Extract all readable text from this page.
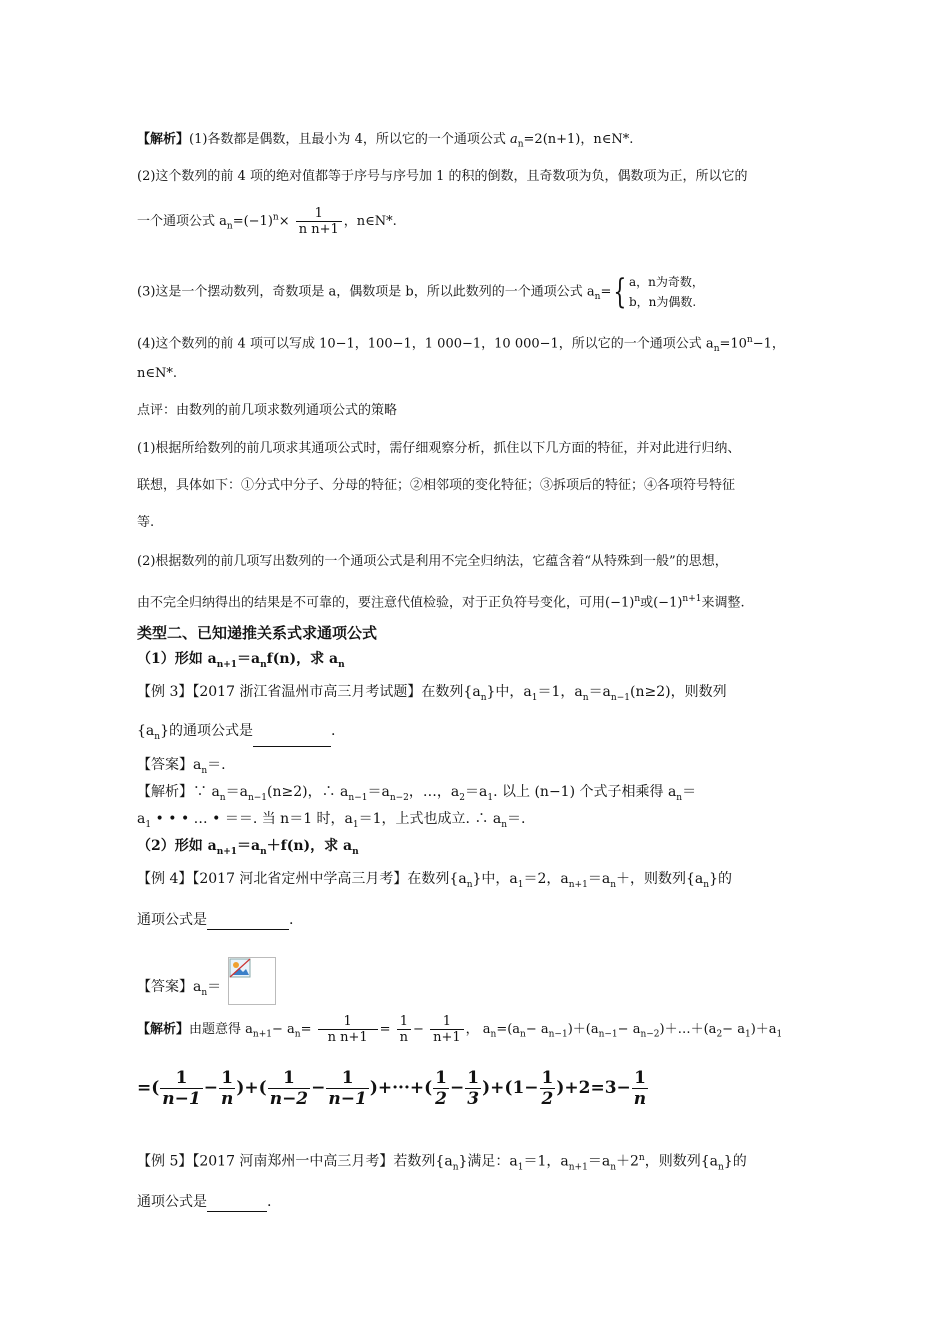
【解析】(1)各数都是偶数，且最小为 4，所以它的一个通项公式 $a_n=2(n+1)$，n∈N*.
(2)这个数列的前 4 项的绝对值都等于序号与序号加 1 的积的倒数，且奇数项为负，偶数项为正，所以它的
一个通项公式 $a_n=(-1)^n\times \frac{1}{\text{n n+1}}$ ，n∈N*.
(3)这是一个摆动数列，奇数项是 a，偶数项是 b，所以此数列的一个通项公式 $a_n=${ a，n为奇数，
b，n为偶数.
(4)这个数列的前 4 项可以写成 10−1，100−1，1 000−1，10 000−1，所以它的一个通项公式 $a_n=10^n-1$，
n∈N*.
点评：由数列的前几项求数列通项公式的策略
(1)根据所给数列的前几项求其通项公式时，需仔细观察分析，抓住以下几方面的特征，并对此进行归纳、
联想，具体如下：①分式中分子、分母的特征；②相邻项的变化特征；③拆项后的特征；④各项符号特征
等.
(2)根据数列的前几项写出数列的一个通项公式是利用不完全归纳法，它蕴含着“从特殊到一般”的思想，
由不完全归纳得出的结果是不可靠的，要注意代值检验，对于正负符号变化，可用$(-1)^n$或$(-1)^{n+1}$来调整.
类型二、已知递推关系式求通项公式
（1）形如 $a_{n+1}=a_nf(n)$，求 $a_n$
【例 3】【2017 浙江省温州市高三月考试题】在数列$\{a_n\}$中，$a_1=1$，$a_n=a_{n-1}(n\ge 2)$，则数列
$\{a_n\}$的通项公式是	.
【答案】$a_n=$.
【解析】∵ $a_n=a_{n-1}(n\ge 2)$，∴ $a_{n-1}=a_{n-2}$，…，$a_2=a_1$. 以上 (n−1) 个式子相乘得 $a_n=$
$a_1$ • • • … • ＝＝. 当 n＝1 时，$a_1=1$，上式也成立. ∴ $a_n=$.
（2）形如 $a_{n+1}=a_n+f(n)$，求 $a_n$
【例 4】【2017 河北省定州中学高三月考】在数列$\{a_n\}$中，$a_1=2$，$a_{n+1}=a_n+$，则数列$\{a_n\}$的
通项公式是	.
【答案】$a_n=$
【解析】由题意得 $a_{n+1}- a_n= \frac{1}{\text{n n+1}} = \frac{1}{n} - \frac{1}{n+1}$ ， $a_n=(a_n- a_{n-1})+(a_{n-1}-$ $a_{n-2})+\dots+(a_2- a_1)+a_1$
=( $\frac{1}{n-1} - \frac{1}{n}$ )+( $\frac{1}{n-2} - \frac{1}{n-1}$ )+···+( $\frac{1}{2} - \frac{1}{3} )+(1- \frac{1}{2} )+2=3- \frac{1}{n}$
【例 5】【2017 河南郑州一中高三月考】若数列$\{a_n\}$满足：$a_1=1$，$a_{n+1}=a_n+2^n$，则数列$\{a_n\}$的
通项公式是	.
